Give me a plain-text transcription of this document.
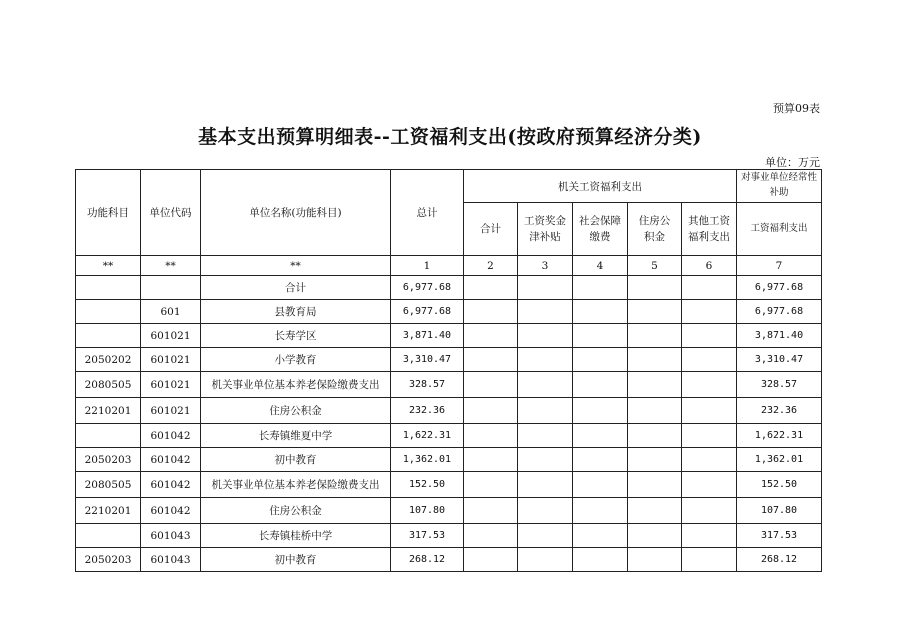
预算09表
基本支出预算明细表--工资福利支出(按政府预算经济分类)
单位：万元
功能科目	单位代码	单位名称(功能科目)	总计	机关工资福利支出					对事业单位经常性补助
				合计	工资奖金津补贴	社会保障缴费	住房公积金	其他工资福利支出	工资福利支出
**	**	**	1	2	3	4	5	6	7
		合计	6,977.68						6,977.68
	601	县教育局	6,977.68						6,977.68
	601021	长寿学区	3,871.40						3,871.40
2050202	601021	小学教育	3,310.47						3,310.47
2080505	601021	机关事业单位基本养老保险缴费支出	328.57						328.57
2210201	601021	住房公积金	232.36						232.36
	601042	长寿镇维夏中学	1,622.31						1,622.31
2050203	601042	初中教育	1,362.01						1,362.01
2080505	601042	机关事业单位基本养老保险缴费支出	152.50						152.50
2210201	601042	住房公积金	107.80						107.80
	601043	长寿镇桂桥中学	317.53						317.53
2050203	601043	初中教育	268.12						268.12
